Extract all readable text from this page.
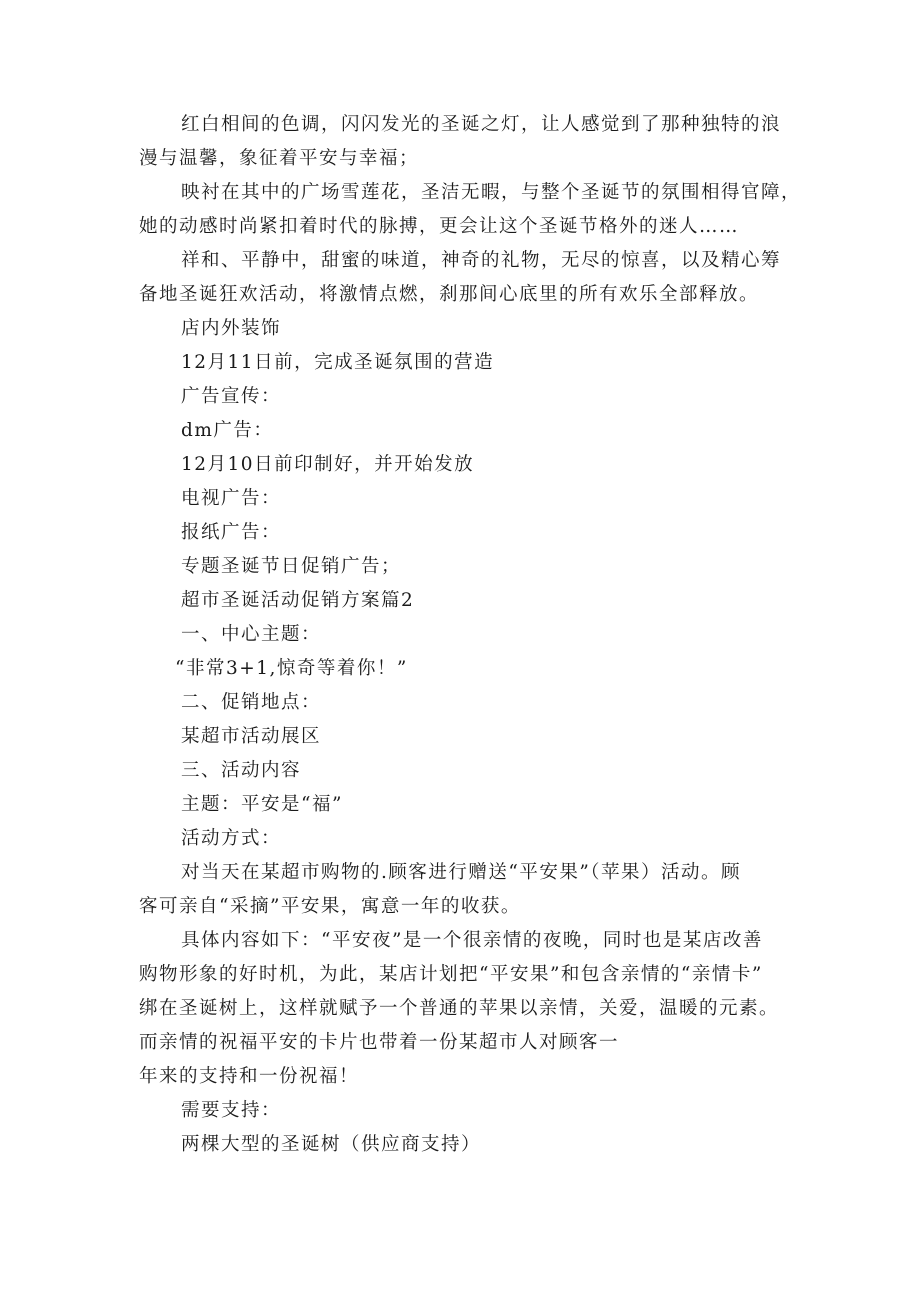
红白相间的色调，闪闪发光的圣诞之灯，让人感觉到了那种独特的浪
漫与温馨，象征着平安与幸福；
映衬在其中的广场雪莲花，圣洁无暇，与整个圣诞节的氛围相得官障，
她的动感时尚紧扣着时代的脉搏，更会让这个圣诞节格外的迷人……
祥和、平静中，甜蜜的味道，神奇的礼物，无尽的惊喜，以及精心筹
备地圣诞狂欢活动，将激情点燃，刹那间心底里的所有欢乐全部释放。
店内外装饰
12月11日前，完成圣诞氛围的营造
广告宣传：
dm广告：
12月10日前印制好，并开始发放
电视广告：
报纸广告：
专题圣诞节日促销广告；
超市圣诞活动促销方案篇2
一、中心主题：
“非常3+1,惊奇等着你！”
二、促销地点：
某超市活动展区
三、活动内容
主题：平安是“福”
活动方式：
对当天在某超市购物的.顾客进行赠送“平安果”（苹果）活动。顾
客可亲自“采摘”平安果，寓意一年的收获。
具体内容如下：“平安夜”是一个很亲情的夜晚，同时也是某店改善
购物形象的好时机，为此，某店计划把“平安果”和包含亲情的“亲情卡”
绑在圣诞树上，这样就赋予一个普通的苹果以亲情，关爱，温暖的元素。
而亲情的祝福平安的卡片也带着一份某超市人对顾客一
年来的支持和一份祝福！
需要支持：
两棵大型的圣诞树（供应商支持）
